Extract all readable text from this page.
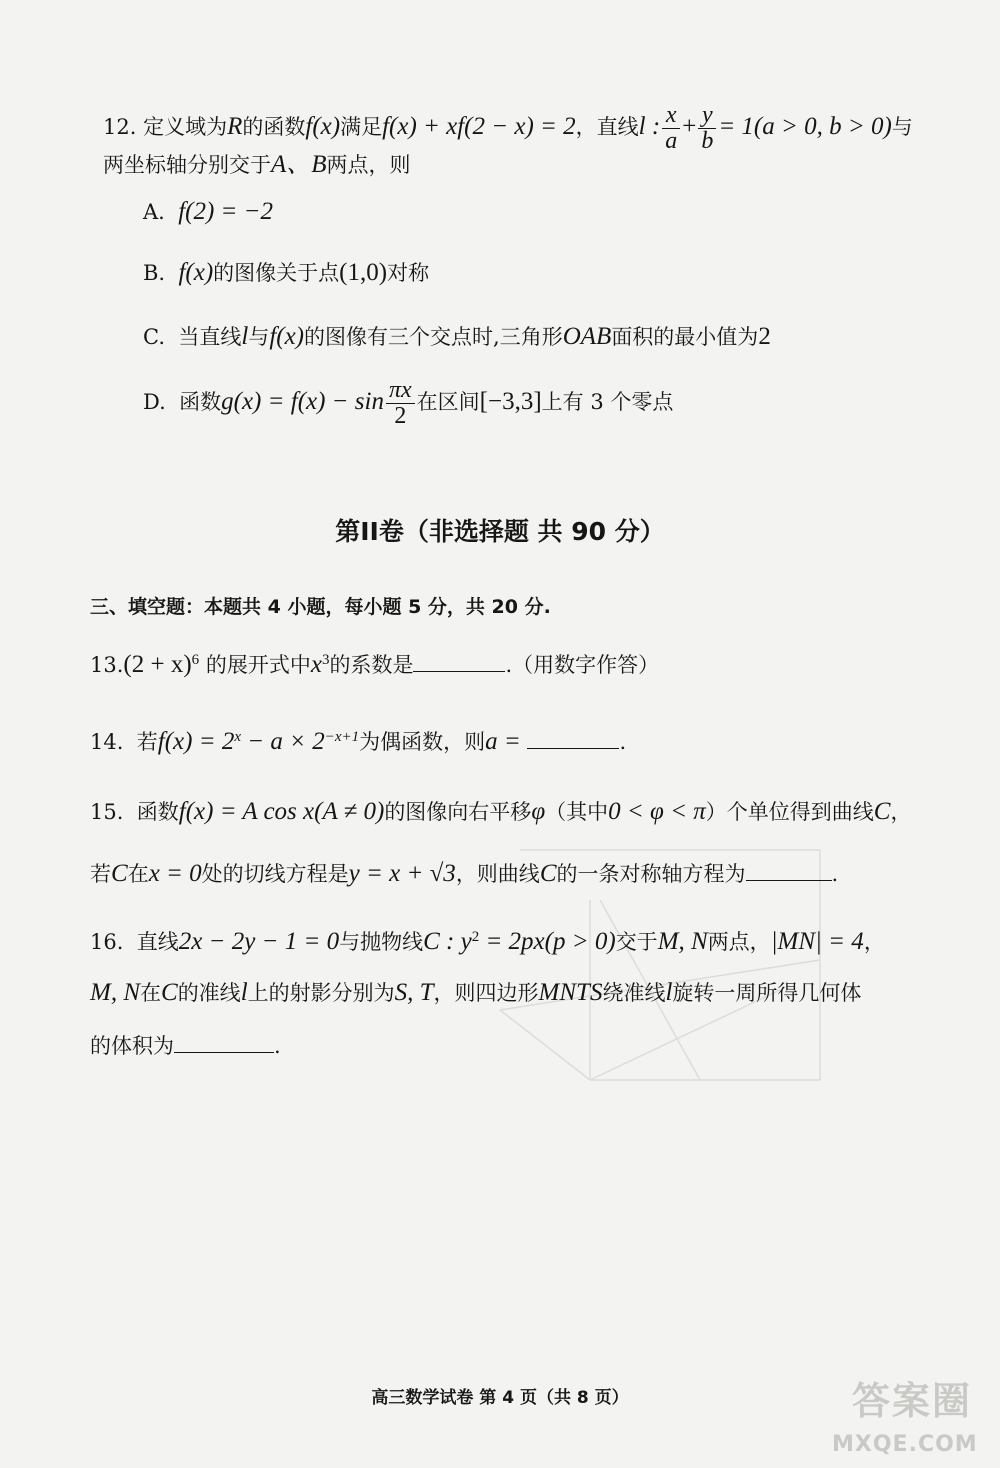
12. 定义域为R的函数f(x)满足f(x) + xf(2 − x) = 2，直线l : $\frac{x}{a} + \frac{y}{b} = 1(a > 0$, b > 0)与
两坐标轴分别交于A、B两点，则
A. f(2) = −2
B. f(x)的图像关于点(1,0)对称
C. 当直线l与f(x)的图像有三个交点时,三角形OAB面积的最小值为2
D. 函数$g(x) = f(x) - \sin \frac{\pi x}{2}$ 在区间[−3,3]上有 3 个零点
第II卷（非选择题 共 90 分）
三、填空题：本题共 4 小题，每小题 5 分，共 20 分.
$13.(2 + x)^6$ 的展开式中$x^3$的系数是	.（用数字作答）
14. 若$f(x) = 2^x - a \times 2^{-x+1}$为偶函数，则a =	.
15. 函数f(x) = A cos x(A ≠ 0)的图像向右平移φ（其中0 < φ < π）个单位得到曲线C，
若C在x = 0处的切线方程是y = x + √3，则曲线C的一条对称轴方程为	.
16. 直线2x − 2y − 1 = 0与抛物线C : $y^2 = 2px(p > 0)$交于M, N两点，|MN| = 4，
M, N在C的准线l上的射影分别为S, T，则四边形MNTS绕准线l旋转一周所得几何体
的体积为	.
高三数学试卷 第 4 页（共 8 页）	答案圈
MXQE.COM
